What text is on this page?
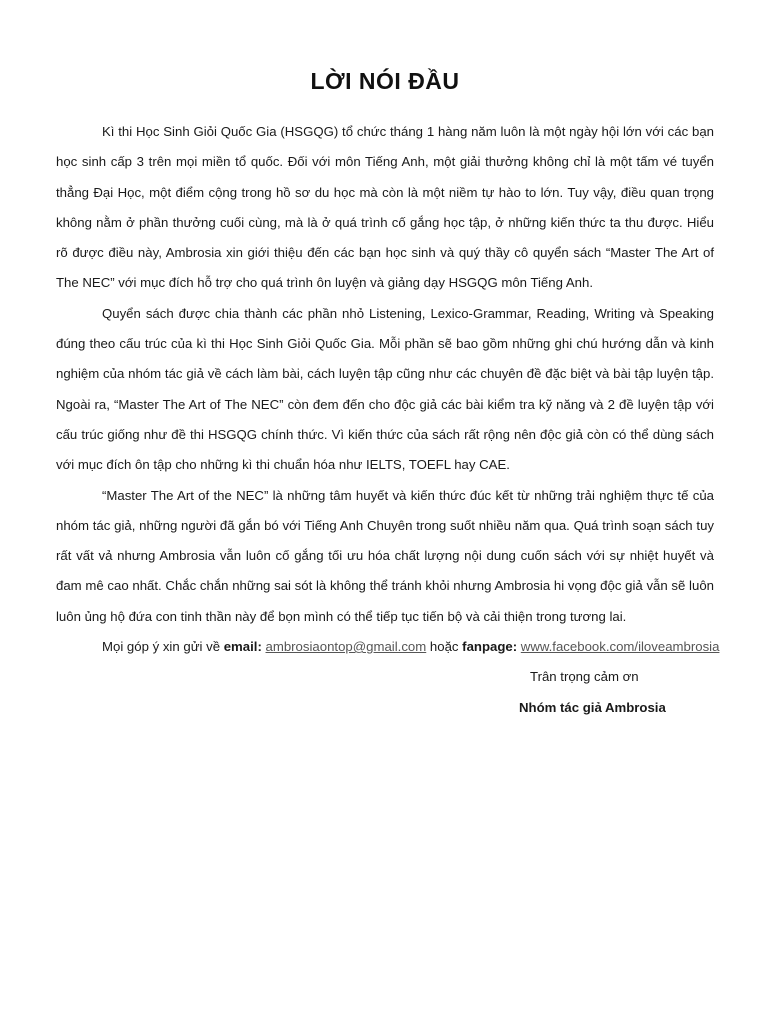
LỜI NÓI ĐẦU

Kì thi Học Sinh Giỏi Quốc Gia (HSGQG) tổ chức tháng 1 hàng năm luôn là một ngày hội lớn với các bạn học sinh cấp 3 trên mọi miền tổ quốc. Đối với môn Tiếng Anh, một giải thưởng không chỉ là một tấm vé tuyển thẳng Đại Học, một điểm cộng trong hồ sơ du học mà còn là một niềm tự hào to lớn. Tuy vậy, điều quan trọng không nằm ở phần thưởng cuối cùng, mà là ở quá trình cố gắng học tập, ở những kiến thức ta thu được. Hiểu rõ được điều này, Ambrosia xin giới thiệu đến các bạn học sinh và quý thầy cô quyển sách “Master The Art of The NEC” với mục đích hỗ trợ cho quá trình ôn luyện và giảng dạy HSGQG môn Tiếng Anh.

Quyển sách được chia thành các phần nhỏ Listening, Lexico-Grammar, Reading, Writing và Speaking đúng theo cấu trúc của kì thi Học Sinh Giỏi Quốc Gia. Mỗi phần sẽ bao gồm những ghi chú hướng dẫn và kinh nghiệm của nhóm tác giả về cách làm bài, cách luyện tập cũng như các chuyên đề đặc biệt và bài tập luyện tập. Ngoài ra, “Master The Art of The NEC” còn đem đến cho độc giả các bài kiểm tra kỹ năng và 2 đề luyện tập với cấu trúc giống như đề thi HSGQG chính thức. Vì kiến thức của sách rất rộng nên độc giả còn có thể dùng sách với mục đích ôn tập cho những kì thi chuẩn hóa như IELTS, TOEFL hay CAE.

“Master The Art of the NEC” là những tâm huyết và kiến thức đúc kết từ những trải nghiệm thực tế của nhóm tác giả, những người đã gắn bó với Tiếng Anh Chuyên trong suốt nhiều năm qua. Quá trình soạn sách tuy rất vất vả nhưng Ambrosia vẫn luôn cố gắng tối ưu hóa chất lượng nội dung cuốn sách với sự nhiệt huyết và đam mê cao nhất. Chắc chắn những sai sót là không thể tránh khỏi nhưng Ambrosia hi vọng độc giả vẫn sẽ luôn luôn ủng hộ đứa con tinh thần này để bọn mình có thể tiếp tục tiến bộ và cải thiện trong tương lai.

Mọi góp ý xin gửi về email: ambrosiaontop@gmail.com hoặc fanpage: www.facebook.com/iloveambrosia

Trân trọng cảm ơn

Nhóm tác giả Ambrosia
